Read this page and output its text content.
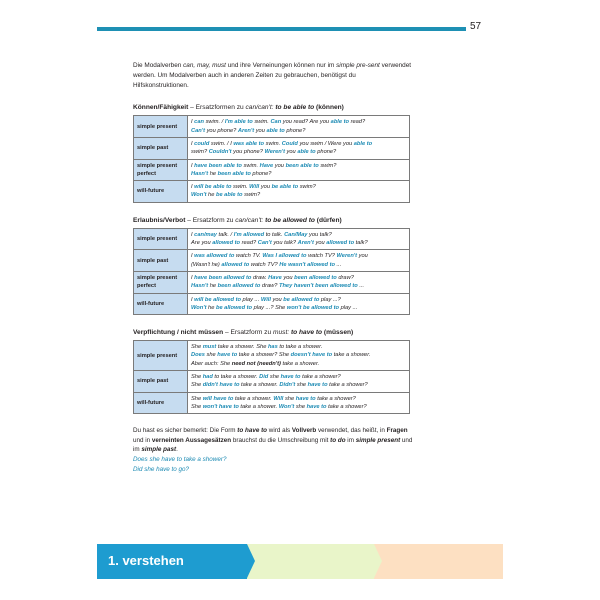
57

Die Modalverben can, may, must und ihre Verneinungen können nur im simple pre-sent verwendet werden. Um Modalverben auch in anderen Zeiten zu gebrauchen, benötigst du Hilfskonstruktionen.

Können/Fähigkeit – Ersatzformen zu can/can't: to be able to (können)

simple present	I can swim. / I'm able to swim. Can you read? Are you able to read?
Can't you phone? Aren't you able to phone?

simple past	I could swim. / I was able to swim. Could you swim / Were you able to
swim? Couldn't you phone? Weren't you able to phone?

simple present perfect	I have been able to swim. Have you been able to swim?
Hasn't he been able to phone?

will-future	I will be able to swim. Will you be able to swim?
Won't he be able to swim?

Erlaubnis/Verbot – Ersatzform zu can/can't: to be allowed to (dürfen)

simple present	I can/may talk. / I'm allowed to talk. Can/May you talk?
Are you allowed to read? Can't you talk? Aren't you allowed to talk?

simple past	I was allowed to watch TV. Was I allowed to watch TV? Weren't you
(Wasn't he) allowed to watch TV? He wasn't allowed to ...

simple present perfect	I have been allowed to draw. Have you been allowed to draw?
Hasn't he been allowed to draw? They haven't been allowed to ...

will-future	I will be allowed to play ... Will you be allowed to play ...?
Won't he be allowed to play ...? She won't be allowed to play ...

Verpflichtung / nicht müssen – Ersatzform zu must: to have to (müssen)

simple present	She must take a shower. She has to take a shower.
Does she have to take a shower? She doesn't have to take a shower.
Aber auch: She need not (needn't) take a shower.

simple past	She had to take a shower. Did she have to take a shower?
She didn't have to take a shower. Didn't she have to take a shower?

will-future	She will have to take a shower. Will she have to take a shower?
She won't have to take a shower. Won't she have to take a shower?

Du hast es sicher bemerkt: Die Form to have to wird als Vollverb verwendet, das heißt, in Fragen und in verneinten Aussagesätzen brauchst du die Umschreibung mit to do im simple present und im simple past.
Does she have to take a shower?
Did she have to go?

1. verstehen
